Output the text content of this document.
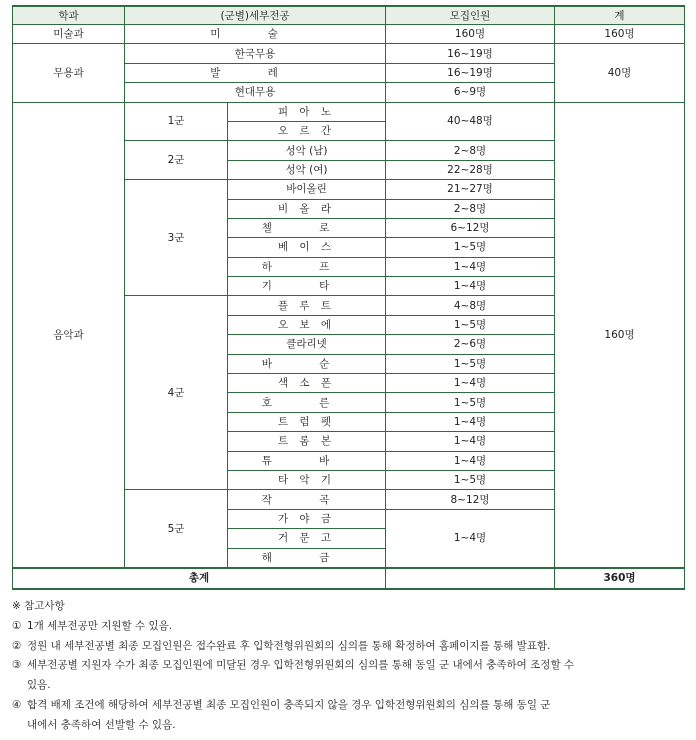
학과	(군별)세부전공		모집인원	계
미술과	미 술		160명	160명
무용과	한국무용		16~19명	40명
	발 레		16~19명	
	현대무용		6~9명	
음악과	1군	피 아 노	40~48명	160명
		오 르 간		
	2군	성악 (남)	2~8명	
		성악 (여)	22~28명	
	3군	바이올린	21~27명	
		비 올 라	2~8명	
		첼 로	6~12명	
		베 이 스	1~5명	
		하 프	1~4명	
		기 타	1~4명	
	4군	플 루 트	4~8명	
		오 보 에	1~5명	
		클라리넷	2~6명	
		바 순	1~5명	
		색 소 폰	1~4명	
		호 른	1~5명	
		트 럼 펫	1~4명	
		트 롬 본	1~4명	
		튜 바	1~4명	
		타 악 기	1~5명	
	5군	작 곡	8~12명	
		가 야 금	1~4명	
		거 문 고		
		해 금		
총계				360명
※ 참고사항
① 1개 세부전공만 지원할 수 있음.
② 정원 내 세부전공별 최종 모집인원은 접수완료 후 입학전형위원회의 심의를 통해 확정하여 홈페이지를 통해 발표함.
③ 세부전공별 지원자 수가 최종 모집인원에 미달된 경우 입학전형위원회의 심의를 통해 동일 군 내에서 충족하여 조정할 수
있음.
④ 합격 배제 조건에 해당하여 세부전공별 최종 모집인원이 충족되지 않을 경우 입학전형위원회의 심의를 통해 동일 군
내에서 충족하여 선발할 수 있음.
